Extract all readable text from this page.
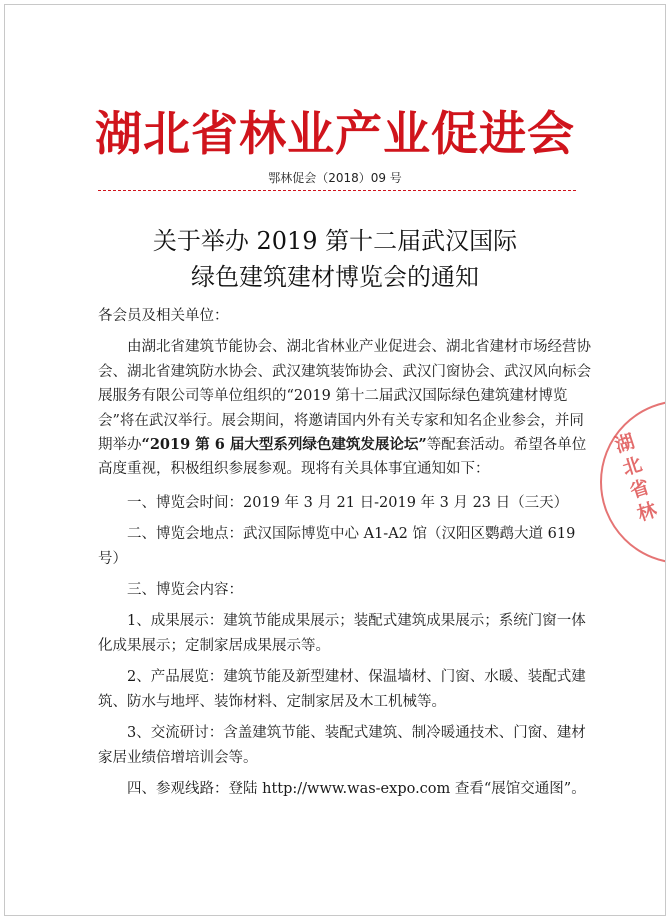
湖北省林业产业促进会
鄂林促会（2018）09 号
关于举办 2019 第十二届武汉国际
绿色建筑建材博览会的通知

各会员及相关单位：

由湖北省建筑节能协会、湖北省林业产业促进会、湖北省建材市场经营协会、湖北省建筑防水协会、武汉建筑装饰协会、武汉门窗协会、武汉风向标会展服务有限公司等单位组织的“2019 第十二届武汉国际绿色建筑建材博览会”将在武汉举行。展会期间，将邀请国内外有关专家和知名企业参会，并同期举办“2019 第 6 届大型系列绿色建筑发展论坛”等配套活动。希望各单位高度重视，积极组织参展参观。现将有关具体事宜通知如下：

一、博览会时间：2019 年 3 月 21 日-2019 年 3 月 23 日（三天）

二、博览会地点：武汉国际博览中心 A1-A2 馆（汉阳区鹦鹉大道 619 号）

三、博览会内容：

1、成果展示：建筑节能成果展示；装配式建筑成果展示；系统门窗一体化成果展示；定制家居成果展示等。

2、产品展览：建筑节能及新型建材、保温墙材、门窗、水暖、装配式建筑、防水与地坪、装饰材料、定制家居及木工机械等。

3、交流研讨：含盖建筑节能、装配式建筑、制冷暖通技术、门窗、建材家居业绩倍增培训会等。

四、参观线路：登陆 http://www.was-expo.com 查看“展馆交通图”。

湖北省林
